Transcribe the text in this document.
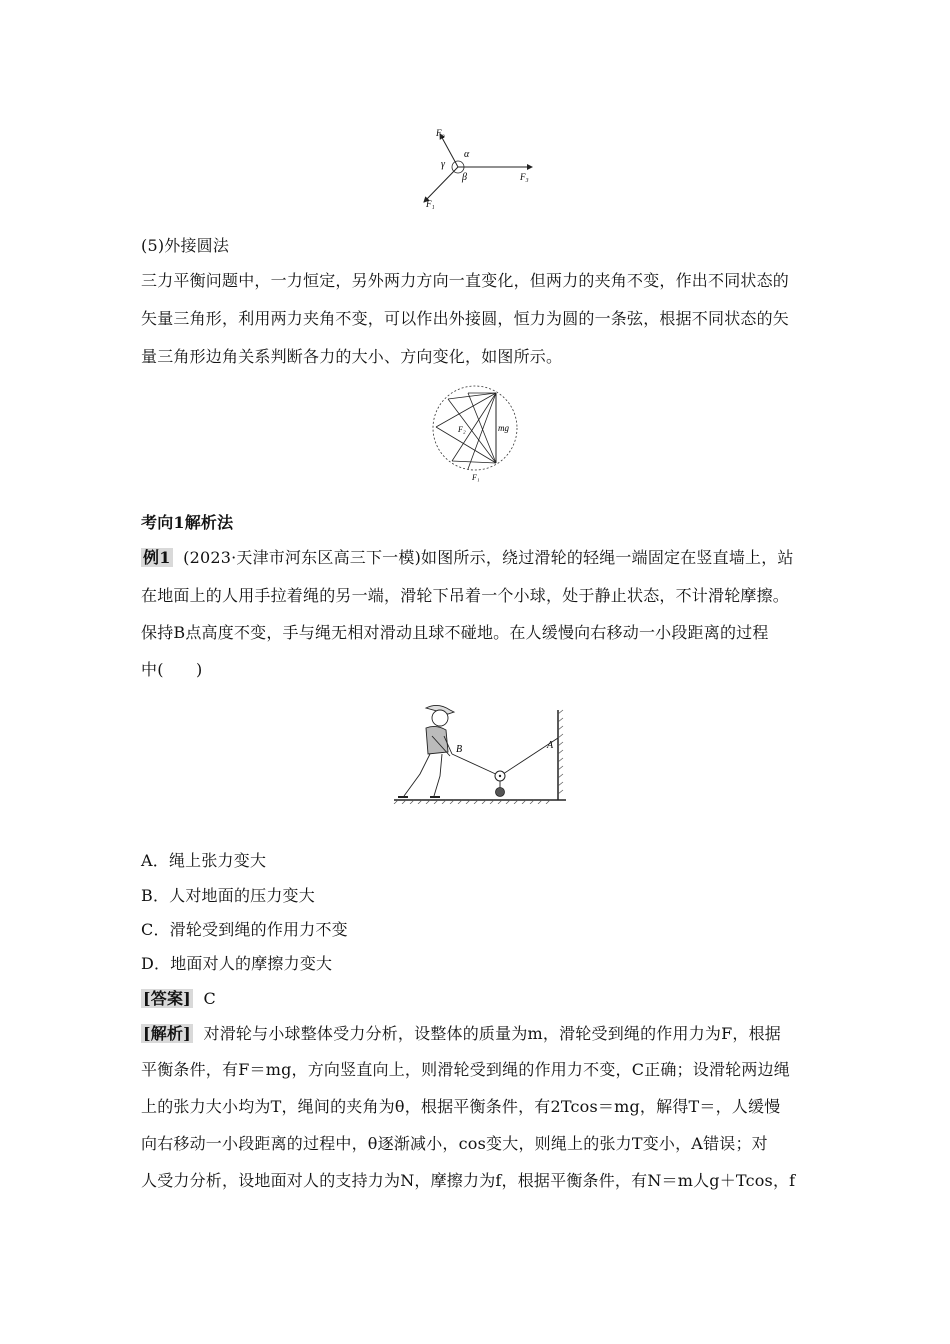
F₂
F₃
F₁
α
β
γ
(5)外接圆法
三力平衡问题中，一力恒定，另外两力方向一直变化，但两力的夹角不变，作出不同状态的
矢量三角形，利用两力夹角不变，可以作出外接圆，恒力为圆的一条弦，根据不同状态的矢
量三角形边角关系判断各力的大小、方向变化，如图所示。
mg
F₂
F₁
考向1解析法
例1 (2023·天津市河东区高三下一模)如图所示，绕过滑轮的轻绳一端固定在竖直墙上，站
在地面上的人用手拉着绳的另一端，滑轮下吊着一个小球，处于静止状态，不计滑轮摩擦。
保持B点高度不变，手与绳无相对滑动且球不碰地。在人缓慢向右移动一小段距离的过程
中(　　)
B	A
A．绳上张力变大
B．人对地面的压力变大
C．滑轮受到绳的作用力不变
D．地面对人的摩擦力变大
[答案] C
[解析] 对滑轮与小球整体受力分析，设整体的质量为m，滑轮受到绳的作用力为F，根据
平衡条件，有F＝mg，方向竖直向上，则滑轮受到绳的作用力不变，C正确；设滑轮两边绳
上的张力大小均为T，绳间的夹角为θ，根据平衡条件，有2Tcos＝mg，解得T＝，人缓慢
向右移动一小段距离的过程中，θ逐渐减小，cos变大，则绳上的张力T变小，A错误；对
人受力分析，设地面对人的支持力为N，摩擦力为f，根据平衡条件，有N＝m人g＋Tcos，f
